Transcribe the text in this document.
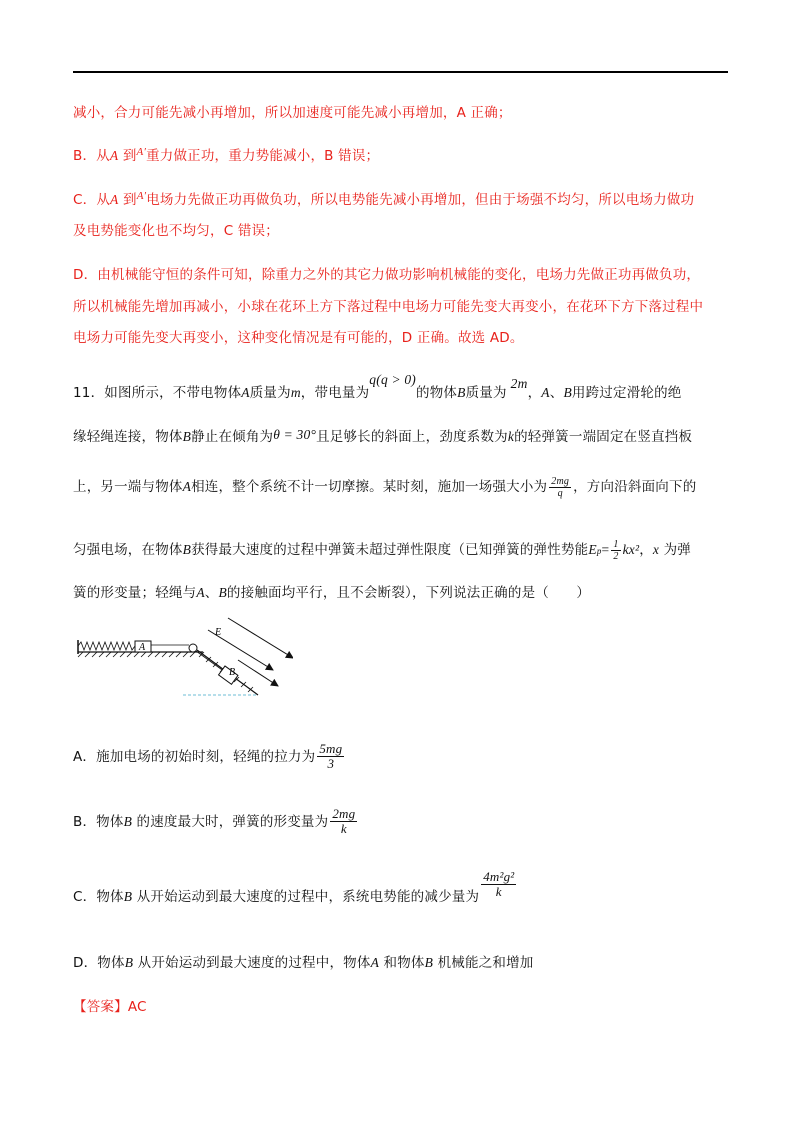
减小，合力可能先减小再增加，所以加速度可能先减小再增加，A 正确；
B．从A 到$^{A'}$重力做正功，重力势能减小，B 错误；
C．从A 到$^{A'}$电场力先做正功再做负功，所以电势能先减小再增加，但由于场强不均匀，所以电场力做功
及电势能变化也不均匀，C 错误；
D．由机械能守恒的条件可知，除重力之外的其它力做功影响机械能的变化，电场力先做正功再做负功，
所以机械能先增加再减小，小球在花环上方下落过程中电场力可能先变大再变小，在花环下方下落过程中
电场力可能先变大再变小，这种变化情况是有可能的，D 正确。故选 AD。
11．如图所示，不带电物体A质量为m，带电量为q(q > 0)的物体B质量为2m，A、B用跨过定滑轮的绝
缘轻绳连接，物体B静止在倾角为θ = 30°且足够长的斜面上，劲度系数为k的轻弹簧一端固定在竖直挡板
上，另一端与物体A相连，整个系统不计一切摩擦。某时刻，施加一场强大小为 $\frac{2mg}{q}$ ，方向沿斜面向下的
匀强电场，在物体B获得最大速度的过程中弹簧未超过弹性限度（已知弹簧的弹性势能$Ep= \frac{1}{2} kx^2$，x 为弹
簧的形变量；轻绳与A、B的接触面均平行，且不会断裂），下列说法正确的是（　　）
A
B
E
A．施加电场的初始时刻，轻绳的拉力为 $\frac{5mg}{3}$
B．物体B 的速度最大时，弹簧的形变量为 $\frac{2mg}{k}$
C．物体B 从开始运动到最大速度的过程中，系统电势能的减少量为 $\frac{\text{4m²g²}}{k}$
D．物体B 从开始运动到最大速度的过程中，物体A 和物体B 机械能之和增加
【答案】AC
